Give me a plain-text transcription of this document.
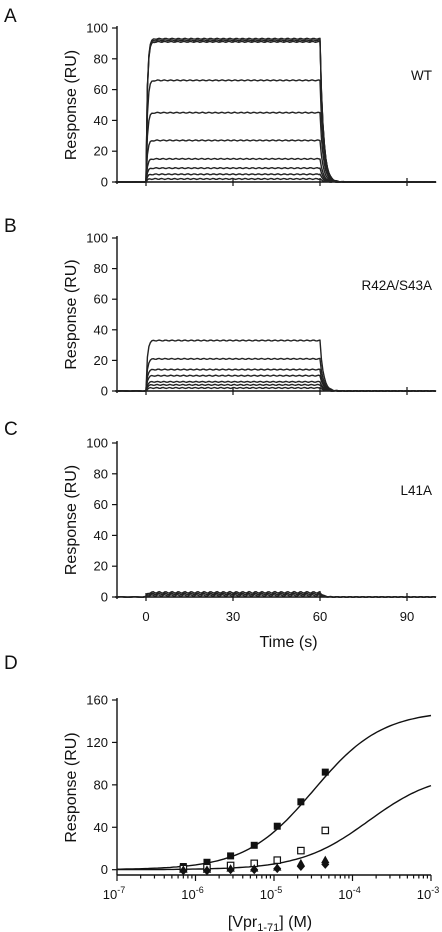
A
0
20
40
60
80
100
Response (RU)	WT
B
0
20
40
60
80
100
Response (RU)	R42A/S43A
C
0
20
40
60
80
100
0	30	60	90
Response (RU)	L41A
Time (s)
D
0
40
80
120
160
$10^{-7}$	$10^{-6}$	$10^{-5}$	$10^{-4}$	$10^{-3}$
Response (RU)
[Vpr$_{1-71}$] (M)
